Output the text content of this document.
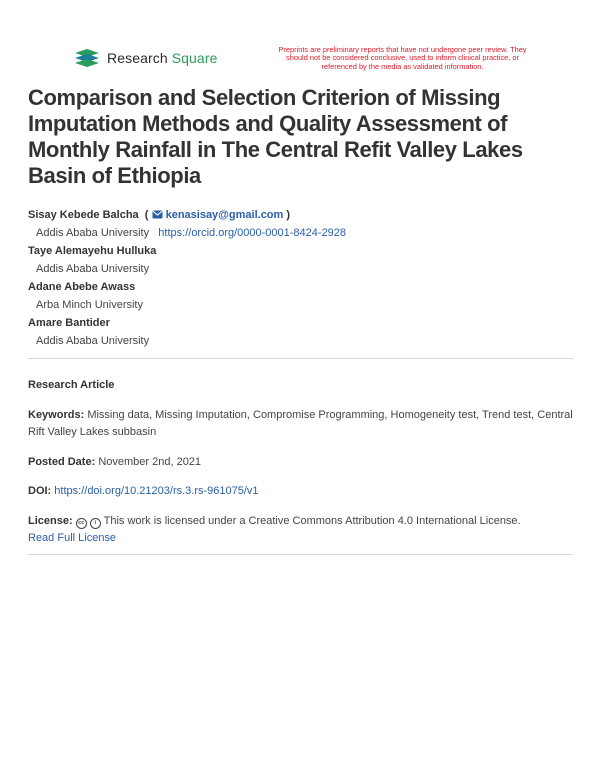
Research Square
Preprints are preliminary reports that have not undergone peer review. They should not be considered conclusive, used to inform clinical practice, or referenced by the media as validated information.
Comparison and Selection Criterion of Missing Imputation Methods and Quality Assessment of Monthly Rainfall in The Central Refit Valley Lakes Basin of Ethiopia
Sisay Kebede Balcha  (  kenasisay@gmail.com )
Addis Ababa University https://orcid.org/0000-0001-8424-2928
Taye Alemayehu Hulluka
Addis Ababa University
Adane Abebe Awass
Arba Minch University
Amare Bantider
Addis Ababa University
Research Article
Keywords: Missing data, Missing Imputation, Compromise Programming, Homogeneity test, Trend test, Central Rift Valley Lakes subbasin
Posted Date: November 2nd, 2021
DOI: https://doi.org/10.21203/rs.3.rs-961075/v1
License: cc i This work is licensed under a Creative Commons Attribution 4.0 International License.
Read Full License
